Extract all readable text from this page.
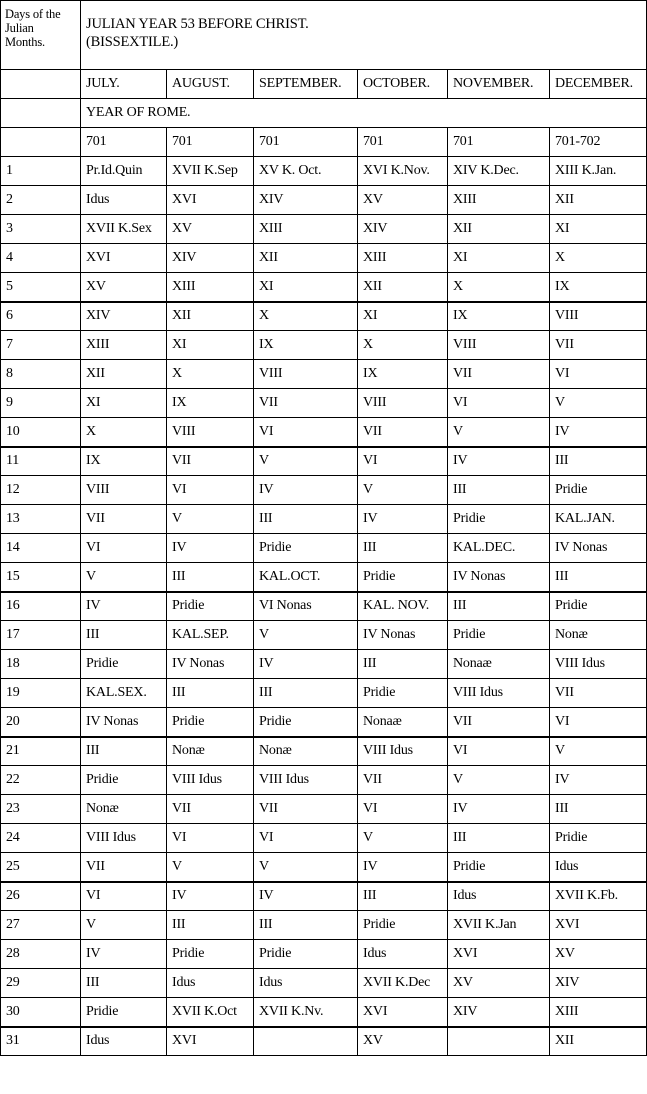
Days of the
Julian
Months.	JULIAN YEAR 53 BEFORE CHRIST.
(BISSEXTILE.)					

	JULY.	AUGUST.	SEPTEMBER.	OCTOBER.	NOVEMBER.	DECEMBER.
	YEAR OF ROME.					
	701	701	701	701	701	701-702
1	Pr.Id.Quin	XVII K.Sep	XV K. Oct.	XVI K.Nov.	XIV K.Dec.	XIII K.Jan.
2	Idus	XVI	XIV	XV	XIII	XII
3	XVII K.Sex	XV	XIII	XIV	XII	XI
4	XVI	XIV	XII	XIII	XI	X
5	XV	XIII	XI	XII	X	IX
6	XIV	XII	X	XI	IX	VIII
7	XIII	XI	IX	X	VIII	VII
8	XII	X	VIII	IX	VII	VI
9	XI	IX	VII	VIII	VI	V
10	X	VIII	VI	VII	V	IV
11	IX	VII	V	VI	IV	III
12	VIII	VI	IV	V	III	Pridie
13	VII	V	III	IV	Pridie	KAL.JAN.
14	VI	IV	Pridie	III	KAL.DEC.	IV Nonas
15	V	III	KAL.OCT.	Pridie	IV Nonas	III
16	IV	Pridie	VI Nonas	KAL. NOV.	III	Pridie
17	III	KAL.SEP.	V	IV Nonas	Pridie	Nonæ
18	Pridie	IV Nonas	IV	III	Nonaæ	VIII Idus
19	KAL.SEX.	III	III	Pridie	VIII Idus	VII
20	IV Nonas	Pridie	Pridie	Nonaæ	VII	VI
21	III	Nonæ	Nonæ	VIII Idus	VI	V
22	Pridie	VIII Idus	VIII Idus	VII	V	IV
23	Nonæ	VII	VII	VI	IV	III
24	VIII Idus	VI	VI	V	III	Pridie
25	VII	V	V	IV	Pridie	Idus
26	VI	IV	IV	III	Idus	XVII K.Fb.
27	V	III	III	Pridie	XVII K.Jan	XVI
28	IV	Pridie	Pridie	Idus	XVI	XV
29	III	Idus	Idus	XVII K.Dec	XV	XIV
30	Pridie	XVII K.Oct	XVII K.Nv.	XVI	XIV	XIII
31	Idus	XVI		XV		XII
